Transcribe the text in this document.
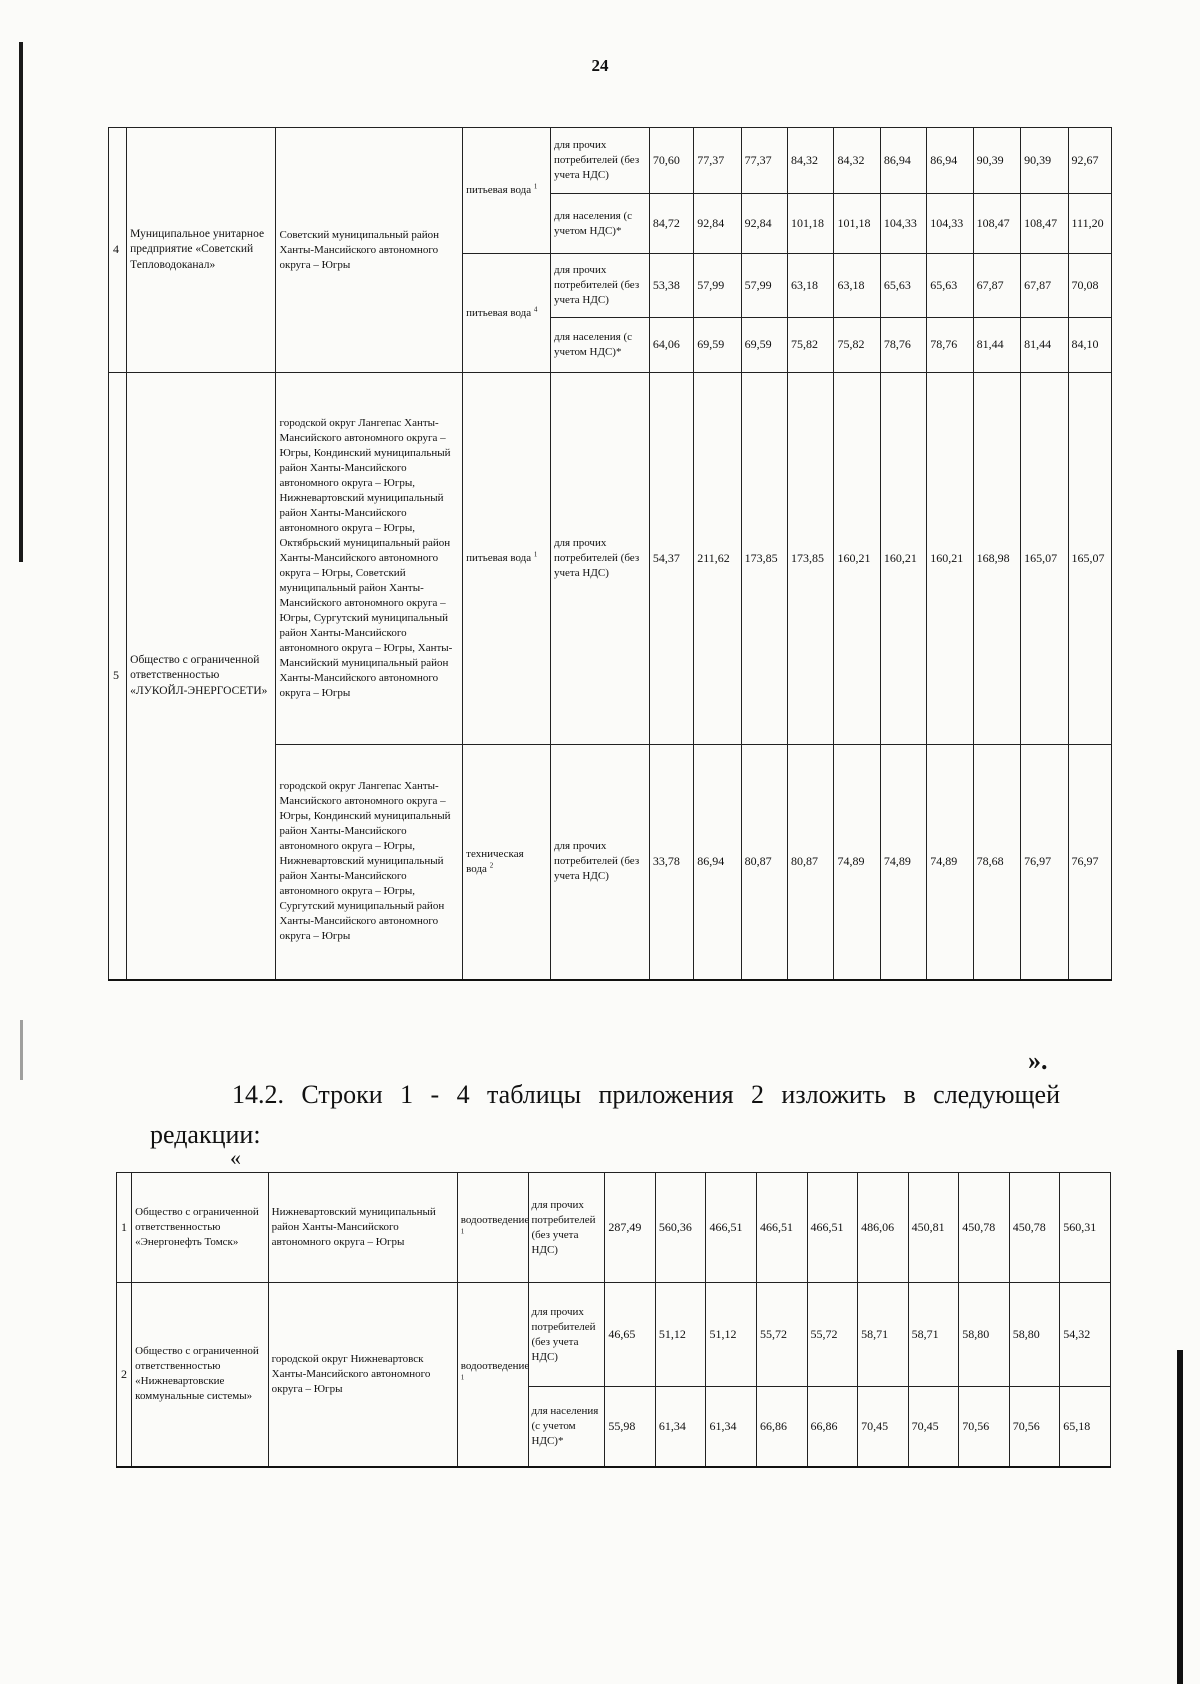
24
4	Муниципальное унитарное предприятие «Советский Тепловодоканал»	Советский муниципальный район Ханты-Мансийского автономного округа – Югры	питьевая вода $^1$	для прочих потребителей (без учета НДС)	70,60	77,37	77,37	84,32	84,32	86,94	86,94	90,39	90,39	92,67
				для населения (с учетом НДС)*	84,72	92,84	92,84	101,18	101,18	104,33	104,33	108,47	108,47	111,20
			питьевая вода $^4$	для прочих потребителей (без учета НДС)	53,38	57,99	57,99	63,18	63,18	65,63	65,63	67,87	67,87	70,08
				для населения (с учетом НДС)*	64,06	69,59	69,59	75,82	75,82	78,76	78,76	81,44	81,44	84,10
5	Общество с ограниченной ответственностью «ЛУКОЙЛ-ЭНЕРГОСЕТИ»	городской округ Лангепас Ханты-Мансийского автономного округа – Югры, Кондинский муниципальный район Ханты-Мансийского автономного округа – Югры, Нижневартовский муниципальный район Ханты-Мансийского автономного округа – Югры, Октябрьский муниципальный район Ханты-Мансийского автономного округа – Югры, Советский муниципальный район Ханты-Мансийского автономного округа – Югры, Сургутский муниципальный район Ханты-Мансийского автономного округа – Югры, Ханты-Мансийский муниципальный район Ханты-Мансийского автономного округа – Югры	питьевая вода $^1$	для прочих потребителей (без учета НДС)	54,37	211,62	173,85	173,85	160,21	160,21	160,21	168,98	165,07	165,07
		городской округ Лангепас Ханты-Мансийского автономного округа – Югры, Кондинский муниципальный район Ханты-Мансийского автономного округа – Югры, Нижневартовский муниципальный район Ханты-Мансийского автономного округа – Югры, Сургутский муниципальный район Ханты-Мансийского автономного округа – Югры	техническая вода $^2$	для прочих потребителей (без учета НДС)	33,78	86,94	80,87	80,87	74,89	74,89	74,89	78,68	76,97	76,97
».
14.2. Строки 1 - 4 таблицы приложения 2 изложить в следующей редакции:
«
1	Общество с ограниченной ответственностью «Энергонефть Томск»	Нижневартовский муниципальный район Ханты-Мансийского автономного округа – Югры	водоотведение $^1$	для прочих потребителей (без учета НДС)	287,49	560,36	466,51	466,51	466,51	486,06	450,81	450,78	450,78	560,31
2	Общество с ограниченной ответственностью «Нижневартовские коммунальные системы»	городской округ Нижневартовск Ханты-Мансийского автономного округа – Югры	водоотведение $^1$	для прочих потребителей (без учета НДС)	46,65	51,12	51,12	55,72	55,72	58,71	58,71	58,80	58,80	54,32
				для населения (с учетом НДС)*	55,98	61,34	61,34	66,86	66,86	70,45	70,45	70,56	70,56	65,18
